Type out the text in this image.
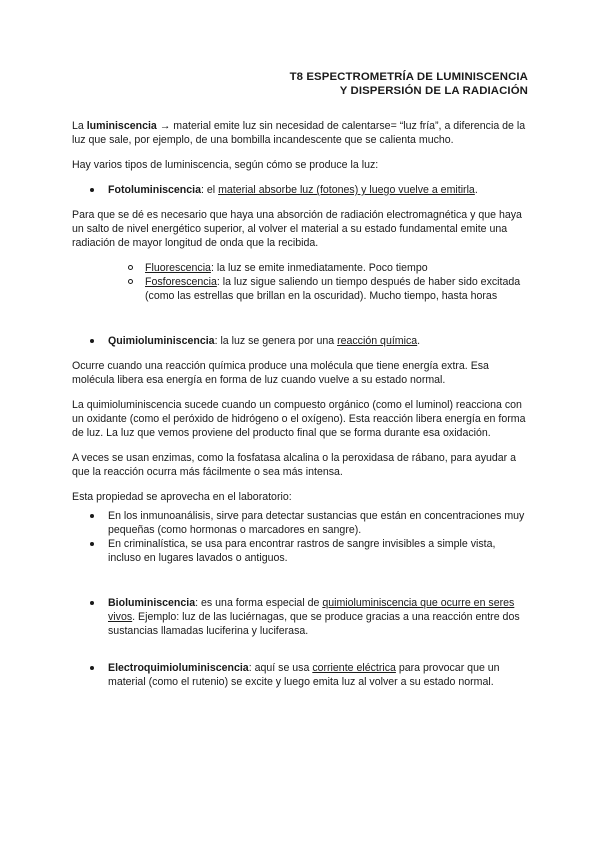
T8 ESPECTROMETRÍA DE LUMINISCENCIA
Y DISPERSIÓN DE LA RADIACIÓN

La luminiscencia → material emite luz sin necesidad de calentarse= “luz fría”, a diferencia de la luz que sale, por ejemplo, de una bombilla incandescente que se calienta mucho.

Hay varios tipos de luminiscencia, según cómo se produce la luz:

Fotoluminiscencia: el material absorbe luz (fotones) y luego vuelve a emitirla.

Para que se dé es necesario que haya una absorción de radiación electromagnética y que haya un salto de nivel energético superior, al volver el material a su estado fundamental emite una radiación de mayor longitud de onda que la recibida.

Fluorescencia: la luz se emite inmediatamente. Poco tiempo
Fosforescencia: la luz sigue saliendo un tiempo después de haber sido excitada (como las estrellas que brillan en la oscuridad). Mucho tiempo, hasta horas
Quimioluminiscencia: la luz se genera por una reacción química.

Ocurre cuando una reacción química produce una molécula que tiene energía extra. Esa molécula libera esa energía en forma de luz cuando vuelve a su estado normal.

La quimioluminiscencia sucede cuando un compuesto orgánico (como el luminol) reacciona con un oxidante (como el peróxido de hidrógeno o el oxígeno). Esta reacción libera energía en forma de luz. La luz que vemos proviene del producto final que se forma durante esa oxidación.

A veces se usan enzimas, como la fosfatasa alcalina o la peroxidasa de rábano, para ayudar a que la reacción ocurra más fácilmente o sea más intensa.

Esta propiedad se aprovecha en el laboratorio:

En los inmunoanálisis, sirve para detectar sustancias que están en concentraciones muy pequeñas (como hormonas o marcadores en sangre).
En criminalística, se usa para encontrar rastros de sangre invisibles a simple vista, incluso en lugares lavados o antiguos.
Bioluminiscencia: es una forma especial de quimioluminiscencia que ocurre en seres vivos. Ejemplo: luz de las luciérnagas, que se produce gracias a una reacción entre dos sustancias llamadas luciferina y luciferasa.
Electroquimioluminiscencia: aquí se usa corriente eléctrica para provocar que un material (como el rutenio) se excite y luego emita luz al volver a su estado normal.
